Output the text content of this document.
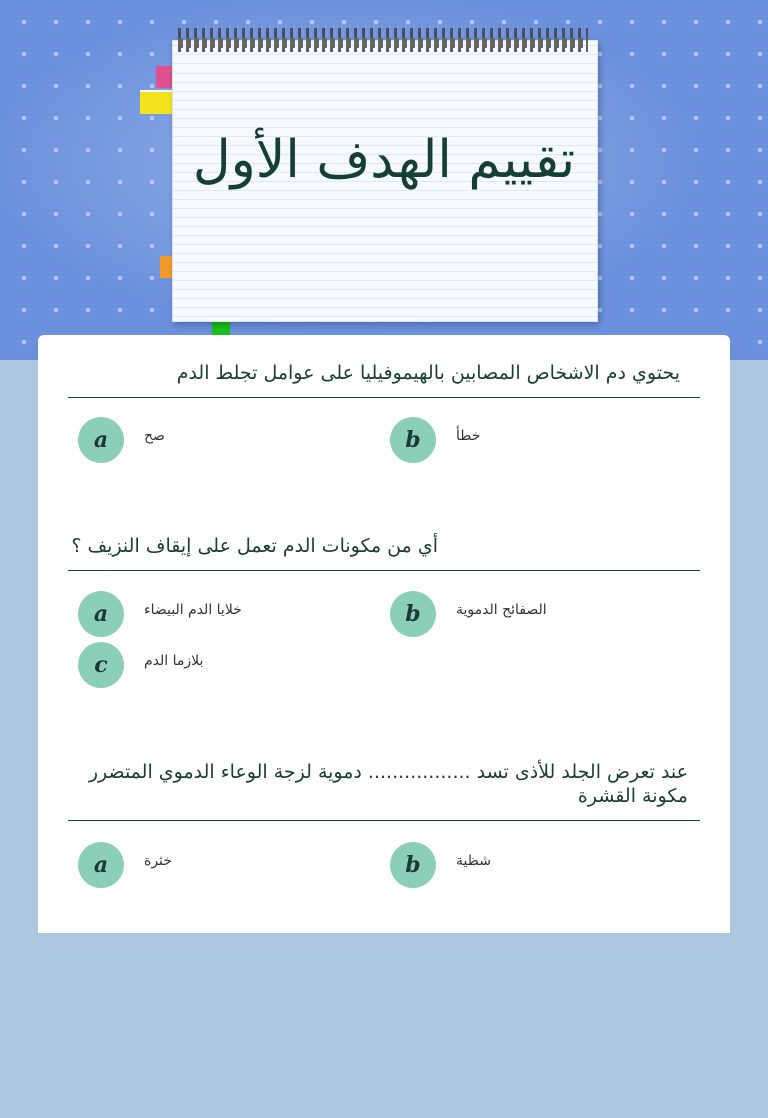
تقييم الهدف الأول
يحتوي دم الاشخاص المصابين بالهيموفيليا على عوامل تجلط الدم
a	صح	b	خطأ
أي من مكونات الدم تعمل على إيقاف النزيف ؟
a	خلايا الدم البيضاء	b	الصفائح الدموية
c	بلازما الدم
عند تعرض الجلد للأذى تسد ................. دموية لزجة الوعاء الدموي المتضرر مكونة القشرة
a	خثرة	b	شظية
